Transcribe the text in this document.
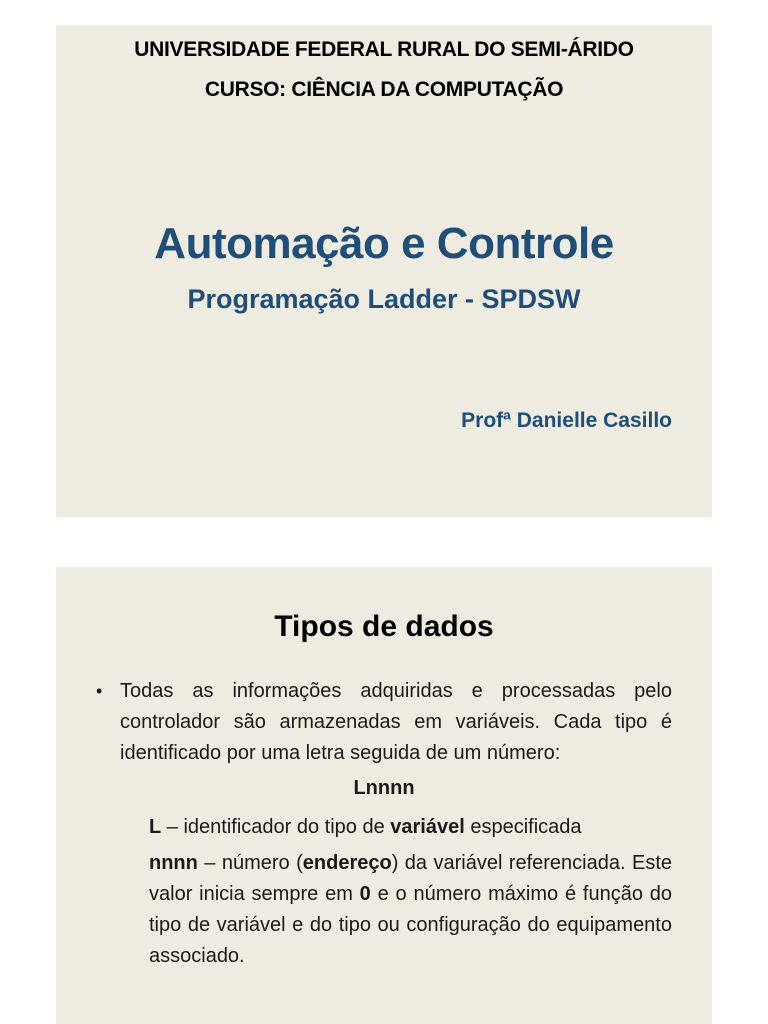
UNIVERSIDADE FEDERAL RURAL DO SEMI-ÁRIDO
CURSO: CIÊNCIA DA COMPUTAÇÃO
Automação e Controle
Programação Ladder - SPDSW
Profª Danielle Casillo
Tipos de dados
• Todas as informações adquiridas e processadas pelo controlador são armazenadas em variáveis. Cada tipo é identificado por uma letra seguida de um número:
Lnnnn
L – identificador do tipo de variável especificada
nnnn – número (endereço) da variável referenciada. Este valor inicia sempre em 0 e o número máximo é função do tipo de variável e do tipo ou configuração do equipamento associado.
